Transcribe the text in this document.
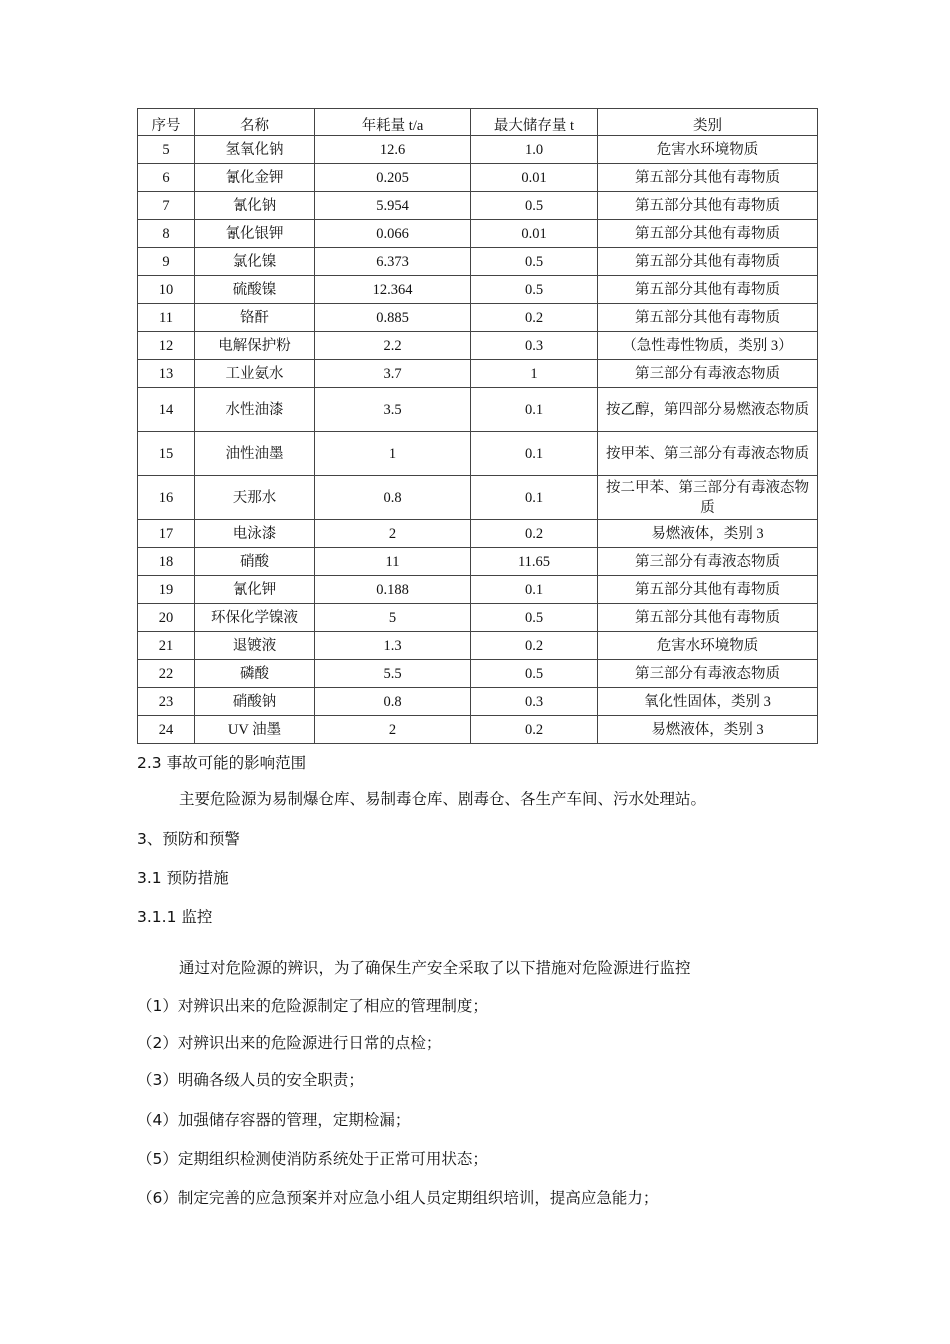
序号	名称	年耗量 t/a	最大储存量 t	类别
5	氢氧化钠	12.6	1.0	危害水环境物质
6	氰化金钾	0.205	0.01	第五部分其他有毒物质
7	氰化钠	5.954	0.5	第五部分其他有毒物质
8	氰化银钾	0.066	0.01	第五部分其他有毒物质
9	氯化镍	6.373	0.5	第五部分其他有毒物质
10	硫酸镍	12.364	0.5	第五部分其他有毒物质
11	铬酐	0.885	0.2	第五部分其他有毒物质
12	电解保护粉	2.2	0.3	（急性毒性物质，类别 3）
13	工业氨水	3.7	1	第三部分有毒液态物质
14	水性油漆	3.5	0.1	按乙醇，第四部分易燃液态物质
15	油性油墨	1	0.1	按甲苯、第三部分有毒液态物质
16	天那水	0.8	0.1	按二甲苯、第三部分有毒液态物质
17	电泳漆	2	0.2	易燃液体，类别 3
18	硝酸	11	11.65	第三部分有毒液态物质
19	氰化钾	0.188	0.1	第五部分其他有毒物质
20	环保化学镍液	5	0.5	第五部分其他有毒物质
21	退镀液	1.3	0.2	危害水环境物质
22	磷酸	5.5	0.5	第三部分有毒液态物质
23	硝酸钠	0.8	0.3	氧化性固体，类别 3
24	UV 油墨	2	0.2	易燃液体，类别 3
2.3 事故可能的影响范围
主要危险源为易制爆仓库、易制毒仓库、剧毒仓、各生产车间、污水处理站。
3、预防和预警
3.1 预防措施
3.1.1 监控
通过对危险源的辨识，为了确保生产安全采取了以下措施对危险源进行监控
（1）对辨识出来的危险源制定了相应的管理制度；
（2）对辨识出来的危险源进行日常的点检；
（3）明确各级人员的安全职责；
（4）加强储存容器的管理，定期检漏；
（5）定期组织检测使消防系统处于正常可用状态；
（6）制定完善的应急预案并对应急小组人员定期组织培训，提高应急能力；
